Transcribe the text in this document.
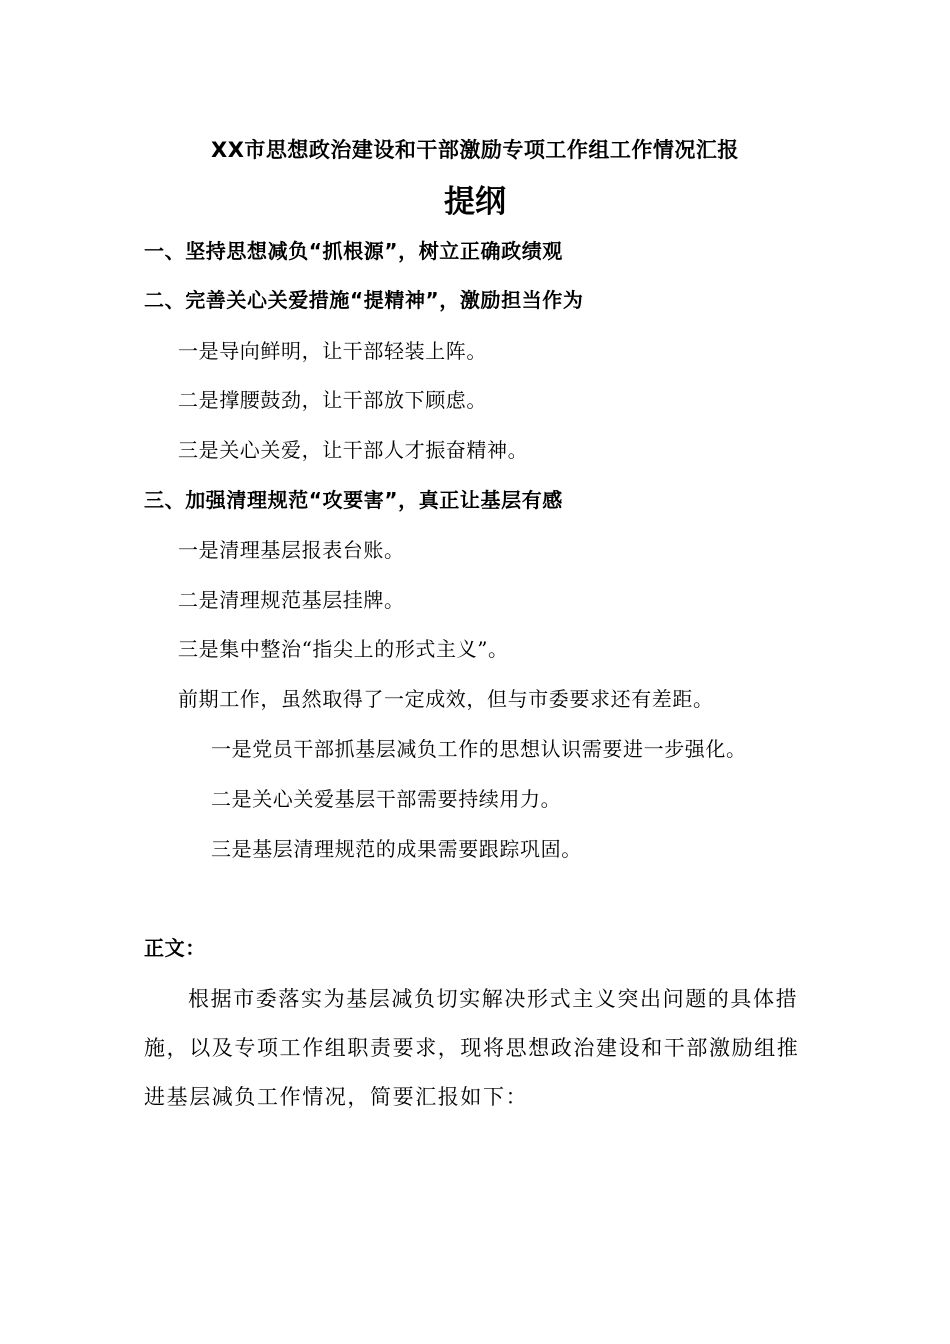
XX市思想政治建设和干部激励专项工作组工作情况汇报
提纲
一、坚持思想减负“抓根源”，树立正确政绩观
二、完善关心关爱措施“提精神”，激励担当作为
一是导向鲜明，让干部轻装上阵。
二是撑腰鼓劲，让干部放下顾虑。
三是关心关爱，让干部人才振奋精神。
三、加强清理规范“攻要害”，真正让基层有感
一是清理基层报表台账。
二是清理规范基层挂牌。
三是集中整治“指尖上的形式主义”。
前期工作，虽然取得了一定成效，但与市委要求还有差距。
一是党员干部抓基层减负工作的思想认识需要进一步强化。
二是关心关爱基层干部需要持续用力。
三是基层清理规范的成果需要跟踪巩固。
正文：
根据市委落实为基层减负切实解决形式主义突出问题的具体措
施，以及专项工作组职责要求，现将思想政治建设和干部激励组推
进基层减负工作情况，简要汇报如下：
